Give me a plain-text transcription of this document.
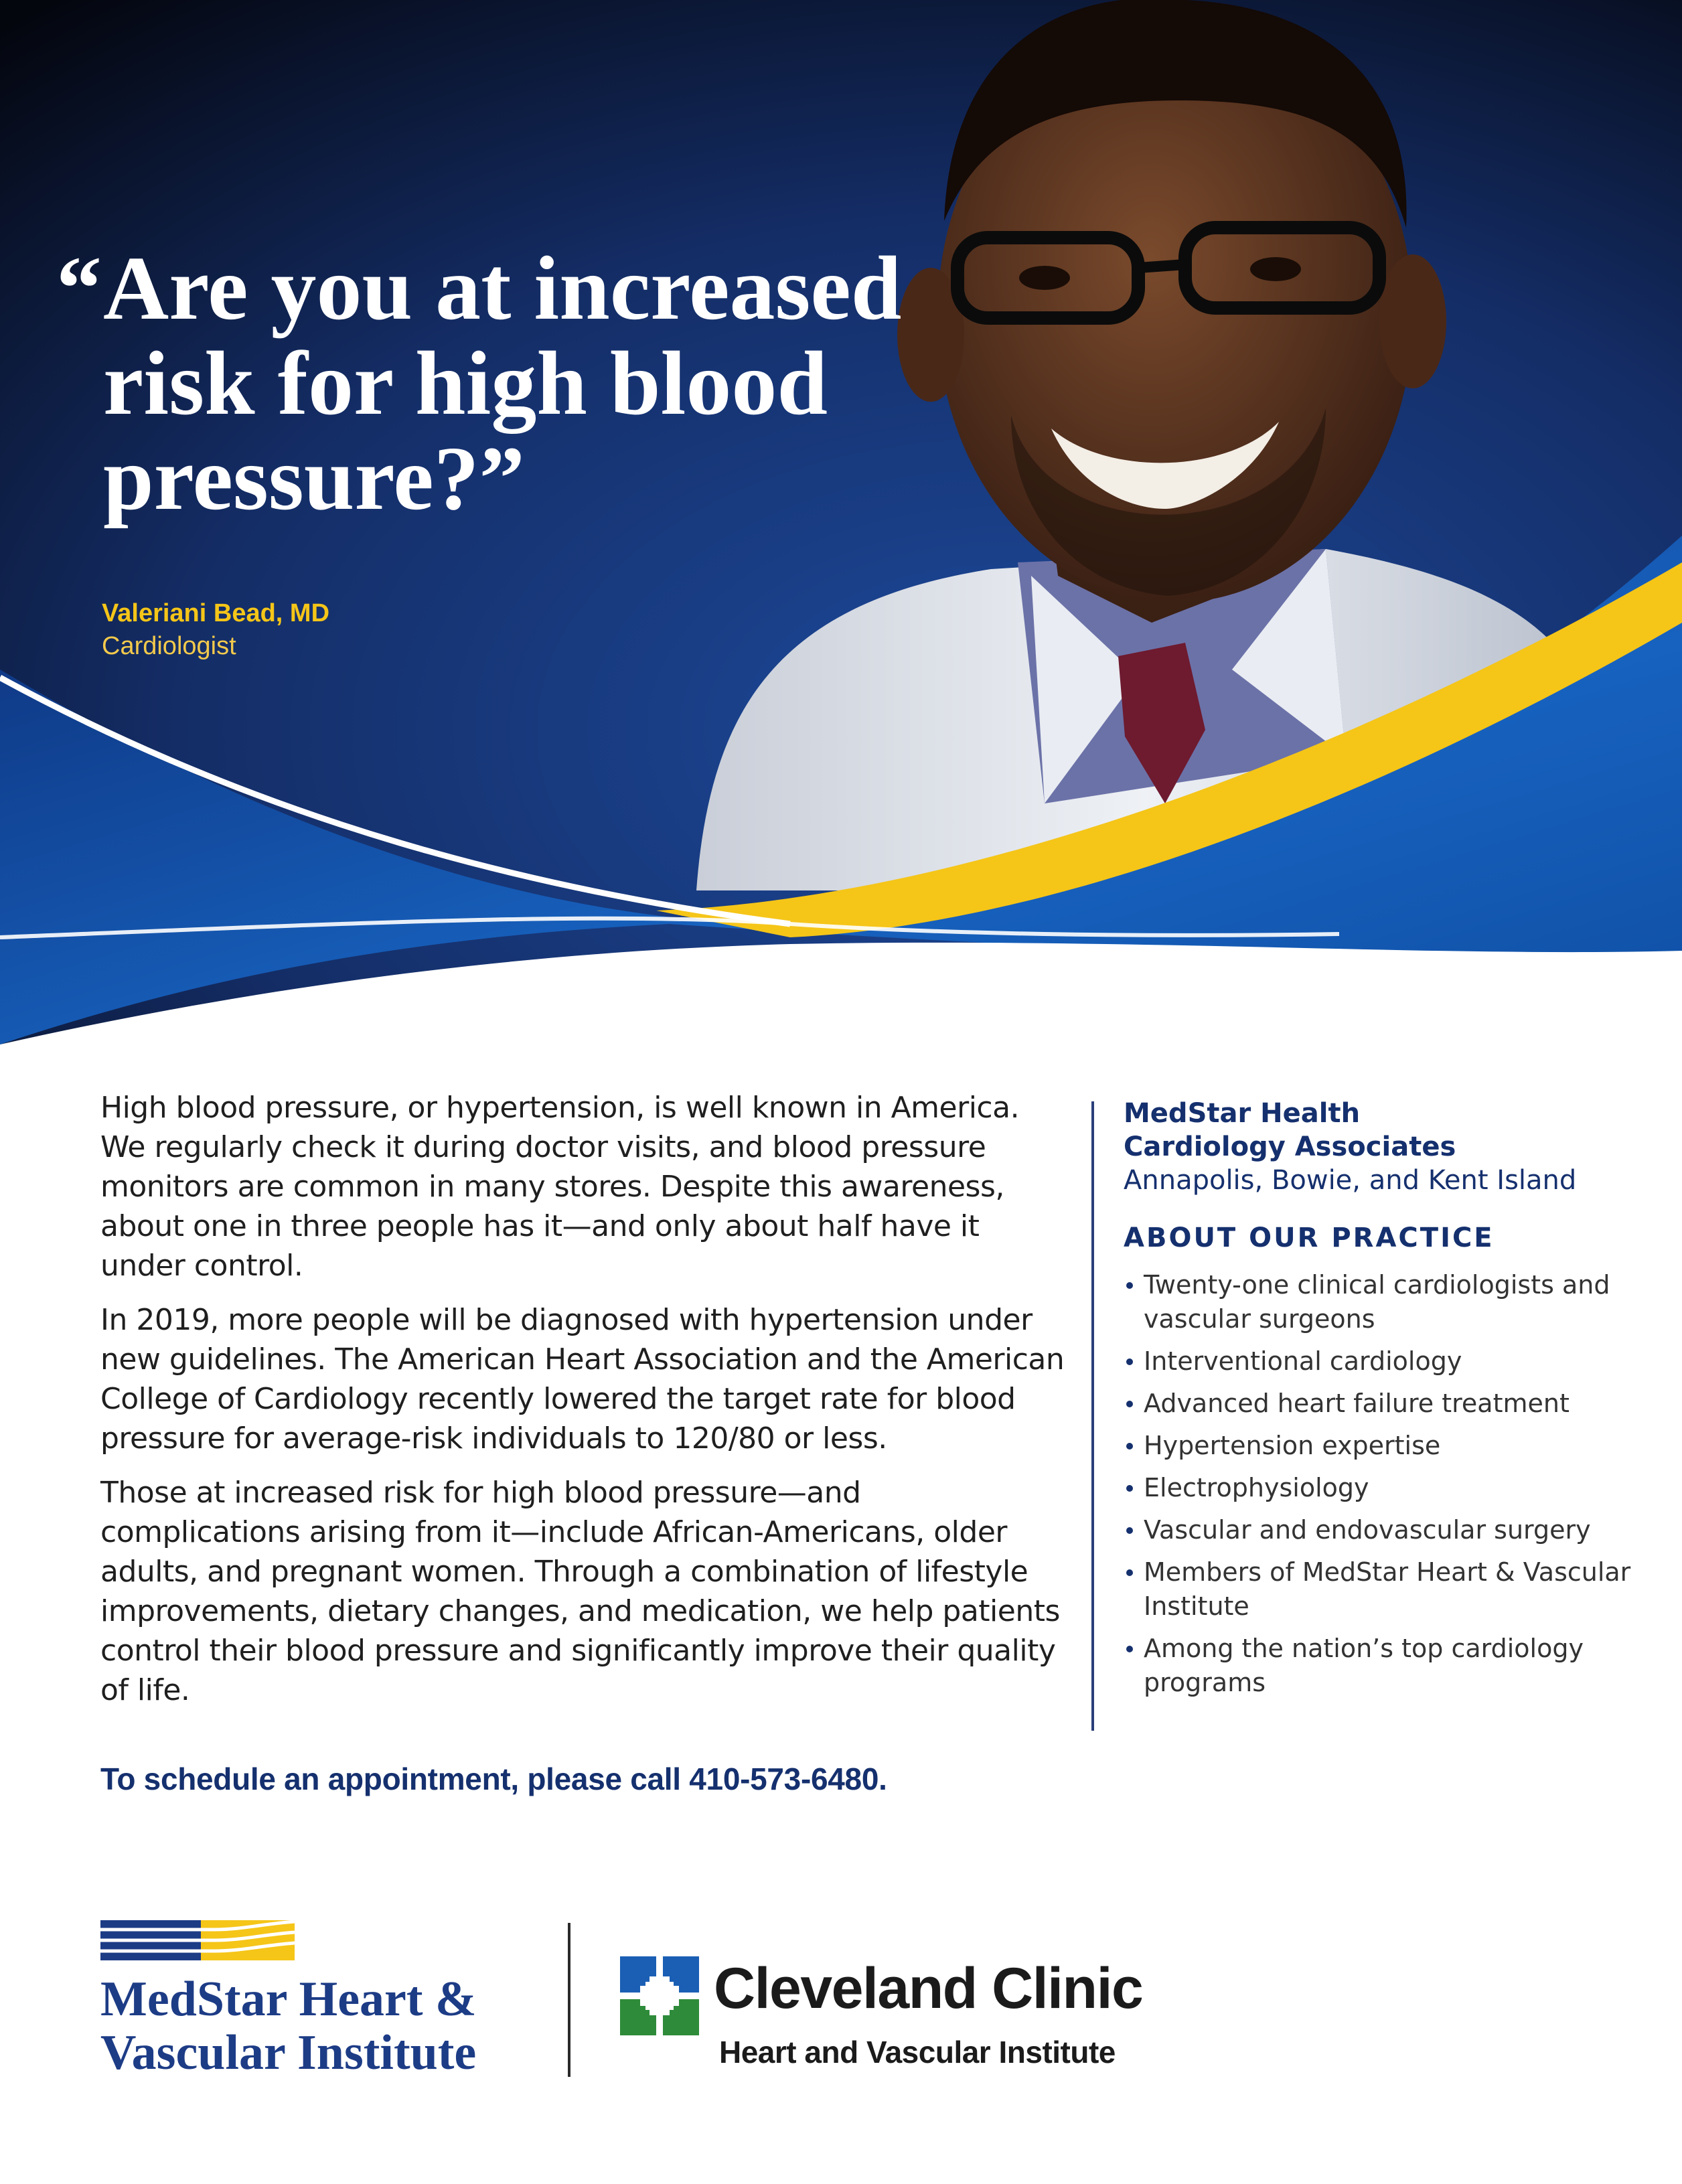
“ Are you at increased
risk for high blood
pressure?”

Valeriani Bead, MD

Cardiologist

High blood pressure, or hypertension, is well known in America. We regularly check it during doctor visits, and blood pressure monitors are common in many stores. Despite this awareness, about one in three people has it—and only about half have it under control.

In 2019, more people will be diagnosed with hypertension under new guidelines. The American Heart Association and the American College of Cardiology recently lowered the target rate for blood pressure for average-risk individuals to 120/80 or less.

Those at increased risk for high blood pressure—and complications arising from it—include African-Americans, older adults, and pregnant women. Through a combination of lifestyle improvements, dietary changes, and medication, we help patients control their blood pressure and significantly improve their quality of life.

To schedule an appointment, please call 410-573-6480.

MedStar Health

Cardiology Associates

Annapolis, Bowie, and Kent Island

ABOUT OUR PRACTICE

Twenty-one clinical cardiologists and vascular surgeons
Interventional cardiology
Advanced heart failure treatment
Hypertension expertise
Electrophysiology
Vascular and endovascular surgery
Members of MedStar Heart & Vascular Institute
Among the nation’s top cardiology programs

MedStar Heart &
Vascular Institute

Cleveland Clinic

Heart and Vascular Institute
